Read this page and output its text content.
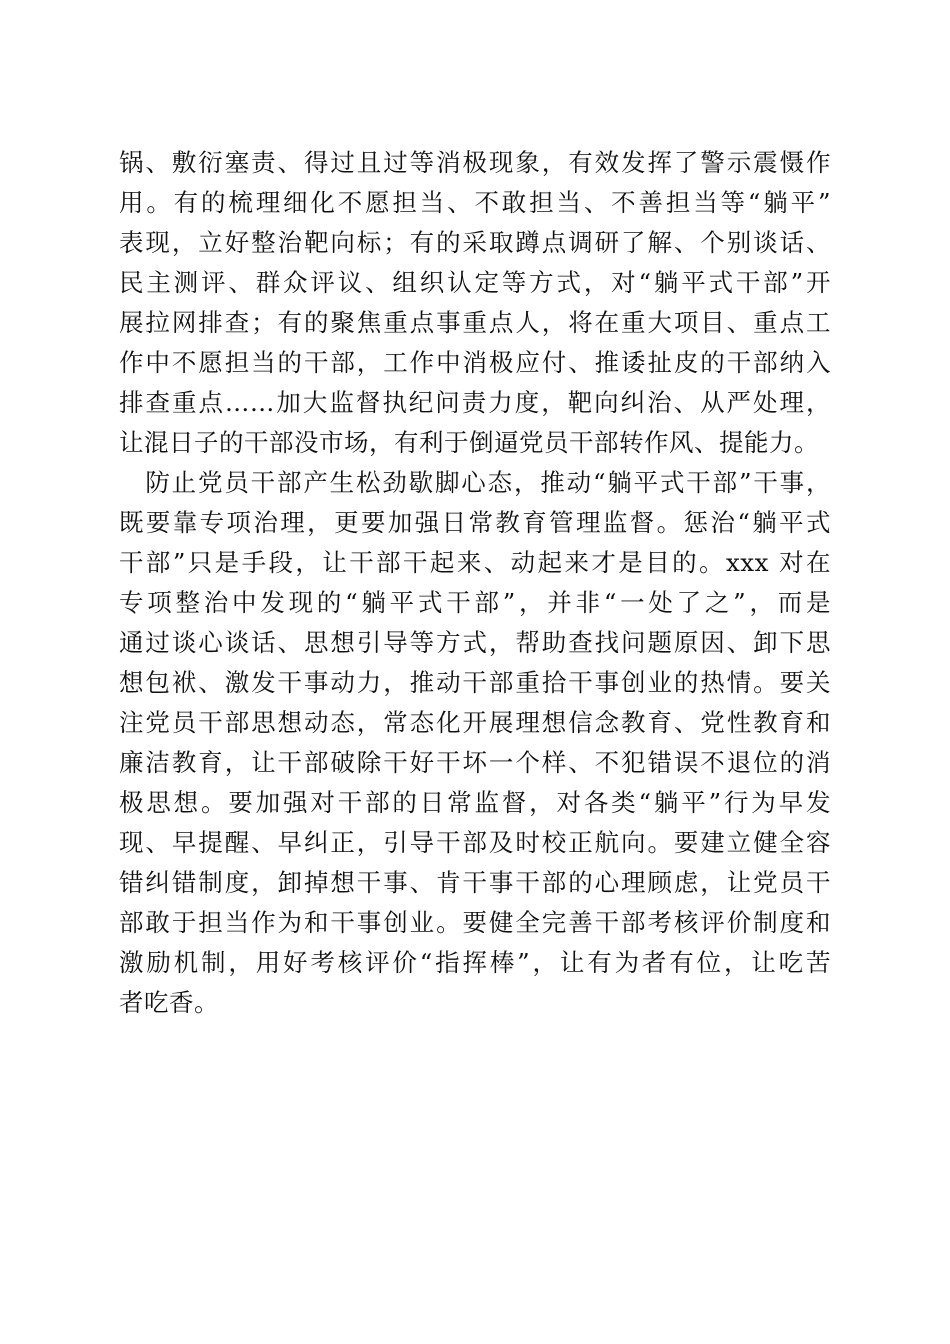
锅、敷衍塞责、得过且过等消极现象，有效发挥了警示震慑作
用。有的梳理细化不愿担当、不敢担当、不善担当等“躺平”
表现，立好整治靶向标；有的采取蹲点调研了解、个别谈话、
民主测评、群众评议、组织认定等方式，对“躺平式干部”开
展拉网排查；有的聚焦重点事重点人，将在重大项目、重点工
作中不愿担当的干部，工作中消极应付、推诿扯皮的干部纳入
排查重点……加大监督执纪问责力度，靶向纠治、从严处理，
让混日子的干部没市场，有利于倒逼党员干部转作风、提能力。
　防止党员干部产生松劲歇脚心态，推动“躺平式干部”干事，
既要靠专项治理，更要加强日常教育管理监督。惩治“躺平式
干部”只是手段，让干部干起来、动起来才是目的。xxx 对在
专项整治中发现的“躺平式干部”，并非“一处了之”，而是
通过谈心谈话、思想引导等方式，帮助查找问题原因、卸下思
想包袱、激发干事动力，推动干部重拾干事创业的热情。要关
注党员干部思想动态，常态化开展理想信念教育、党性教育和
廉洁教育，让干部破除干好干坏一个样、不犯错误不退位的消
极思想。要加强对干部的日常监督，对各类“躺平”行为早发
现、早提醒、早纠正，引导干部及时校正航向。要建立健全容
错纠错制度，卸掉想干事、肯干事干部的心理顾虑，让党员干
部敢于担当作为和干事创业。要健全完善干部考核评价制度和
激励机制，用好考核评价“指挥棒”，让有为者有位，让吃苦
者吃香。
